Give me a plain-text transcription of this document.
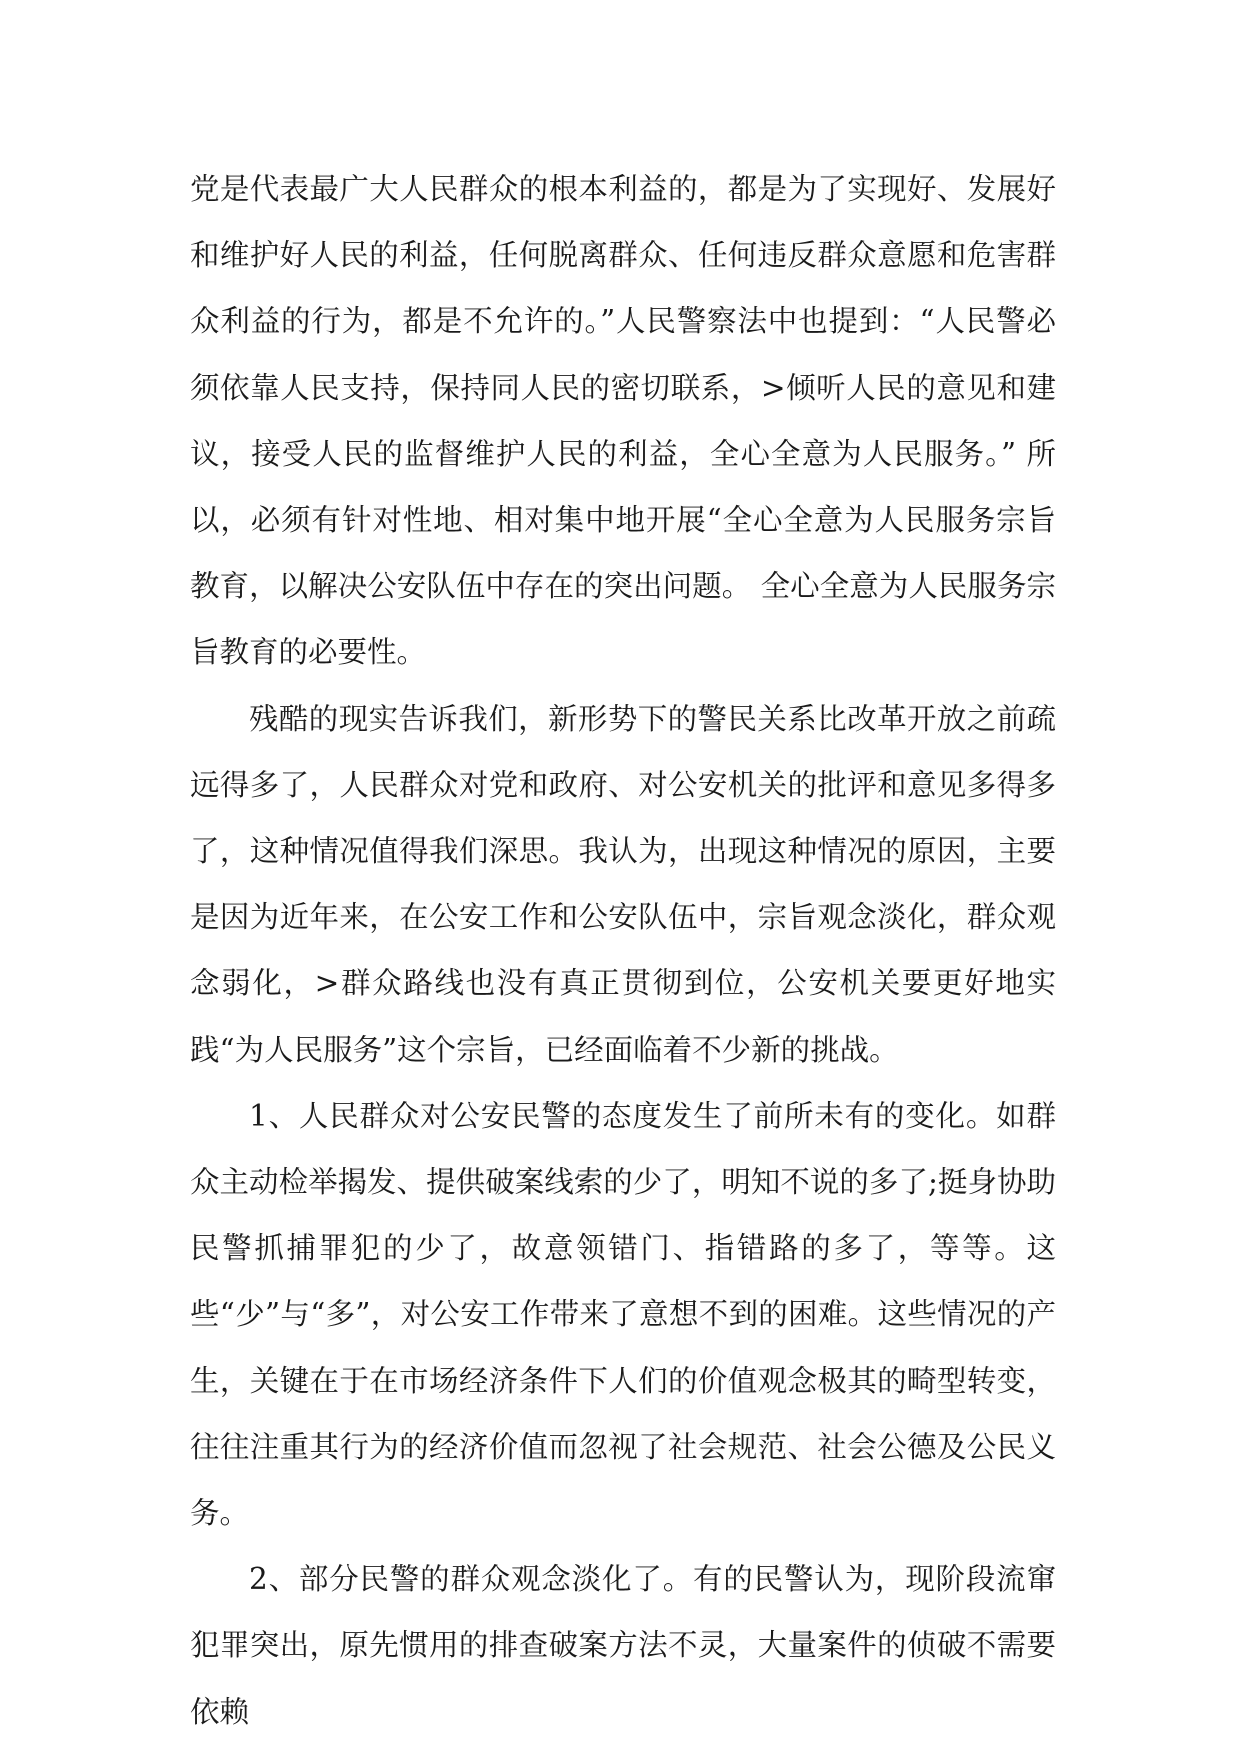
党是代表最广大人民群众的根本利益的，都是为了实现好、发展好和维护好人民的利益，任何脱离群众、任何违反群众意愿和危害群众利益的行为，都是不允许的。”人民警察法中也提到：“人民警必须依靠人民支持，保持同人民的密切联系，>倾听人民的意见和建议，接受人民的监督维护人民的利益，全心全意为人民服务。” 所以，必须有针对性地、相对集中地开展“全心全意为人民服务宗旨教育，以解决公安队伍中存在的突出问题。 全心全意为人民服务宗旨教育的必要性。

残酷的现实告诉我们，新形势下的警民关系比改革开放之前疏远得多了，人民群众对党和政府、对公安机关的批评和意见多得多了，这种情况值得我们深思。我认为，出现这种情况的原因，主要是因为近年来，在公安工作和公安队伍中，宗旨观念淡化，群众观念弱化，>群众路线也没有真正贯彻到位，公安机关要更好地实践“为人民服务”这个宗旨，已经面临着不少新的挑战。

1、人民群众对公安民警的态度发生了前所未有的变化。如群众主动检举揭发、提供破案线索的少了，明知不说的多了;挺身协助民警抓捕罪犯的少了，故意领错门、指错路的多了，等等。这些“少”与“多”，对公安工作带来了意想不到的困难。这些情况的产生，关键在于在市场经济条件下人们的价值观念极其的畸型转变，往往注重其行为的经济价值而忽视了社会规范、社会公德及公民义务。

2、部分民警的群众观念淡化了。有的民警认为，现阶段流窜犯罪突出，原先惯用的排查破案方法不灵，大量案件的侦破不需要依赖
